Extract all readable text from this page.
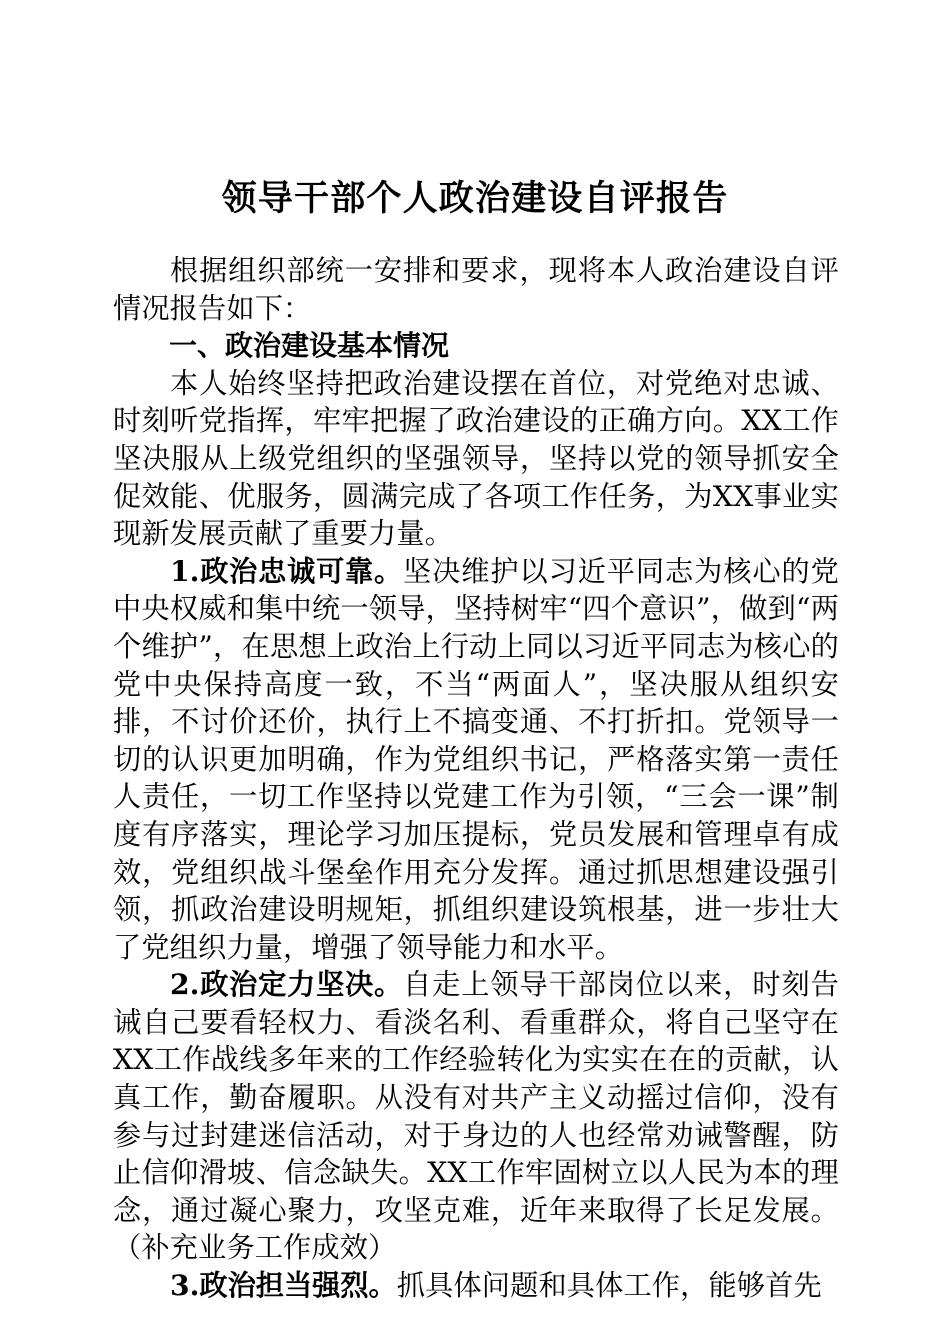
领导干部个人政治建设自评报告

根据组织部统一安排和要求，现将本人政治建设自评情况报告如下：

一、政治建设基本情况

本人始终坚持把政治建设摆在首位，对党绝对忠诚、时刻听党指挥，牢牢把握了政治建设的正确方向。XX工作坚决服从上级党组织的坚强领导，坚持以党的领导抓安全促效能、优服务，圆满完成了各项工作任务，为XX事业实现新发展贡献了重要力量。

1.政治忠诚可靠。坚决维护以习近平同志为核心的党中央权威和集中统一领导，坚持树牢“四个意识”，做到“两个维护”，在思想上政治上行动上同以习近平同志为核心的党中央保持高度一致，不当“两面人”，坚决服从组织安排，不讨价还价，执行上不搞变通、不打折扣。党领导一切的认识更加明确，作为党组织书记，严格落实第一责任人责任，一切工作坚持以党建工作为引领，“三会一课”制度有序落实，理论学习加压提标，党员发展和管理卓有成效，党组织战斗堡垒作用充分发挥。通过抓思想建设强引领，抓政治建设明规矩，抓组织建设筑根基，进一步壮大了党组织力量，增强了领导能力和水平。

2.政治定力坚决。自走上领导干部岗位以来，时刻告诫自己要看轻权力、看淡名利、看重群众，将自己坚守在XX工作战线多年来的工作经验转化为实实在在的贡献，认真工作，勤奋履职。从没有对共产主义动摇过信仰，没有参与过封建迷信活动，对于身边的人也经常劝诫警醒，防止信仰滑坡、信念缺失。XX工作牢固树立以人民为本的理念，通过凝心聚力，攻坚克难，近年来取得了长足发展。（补充业务工作成效）

3.政治担当强烈。抓具体问题和具体工作，能够首先
